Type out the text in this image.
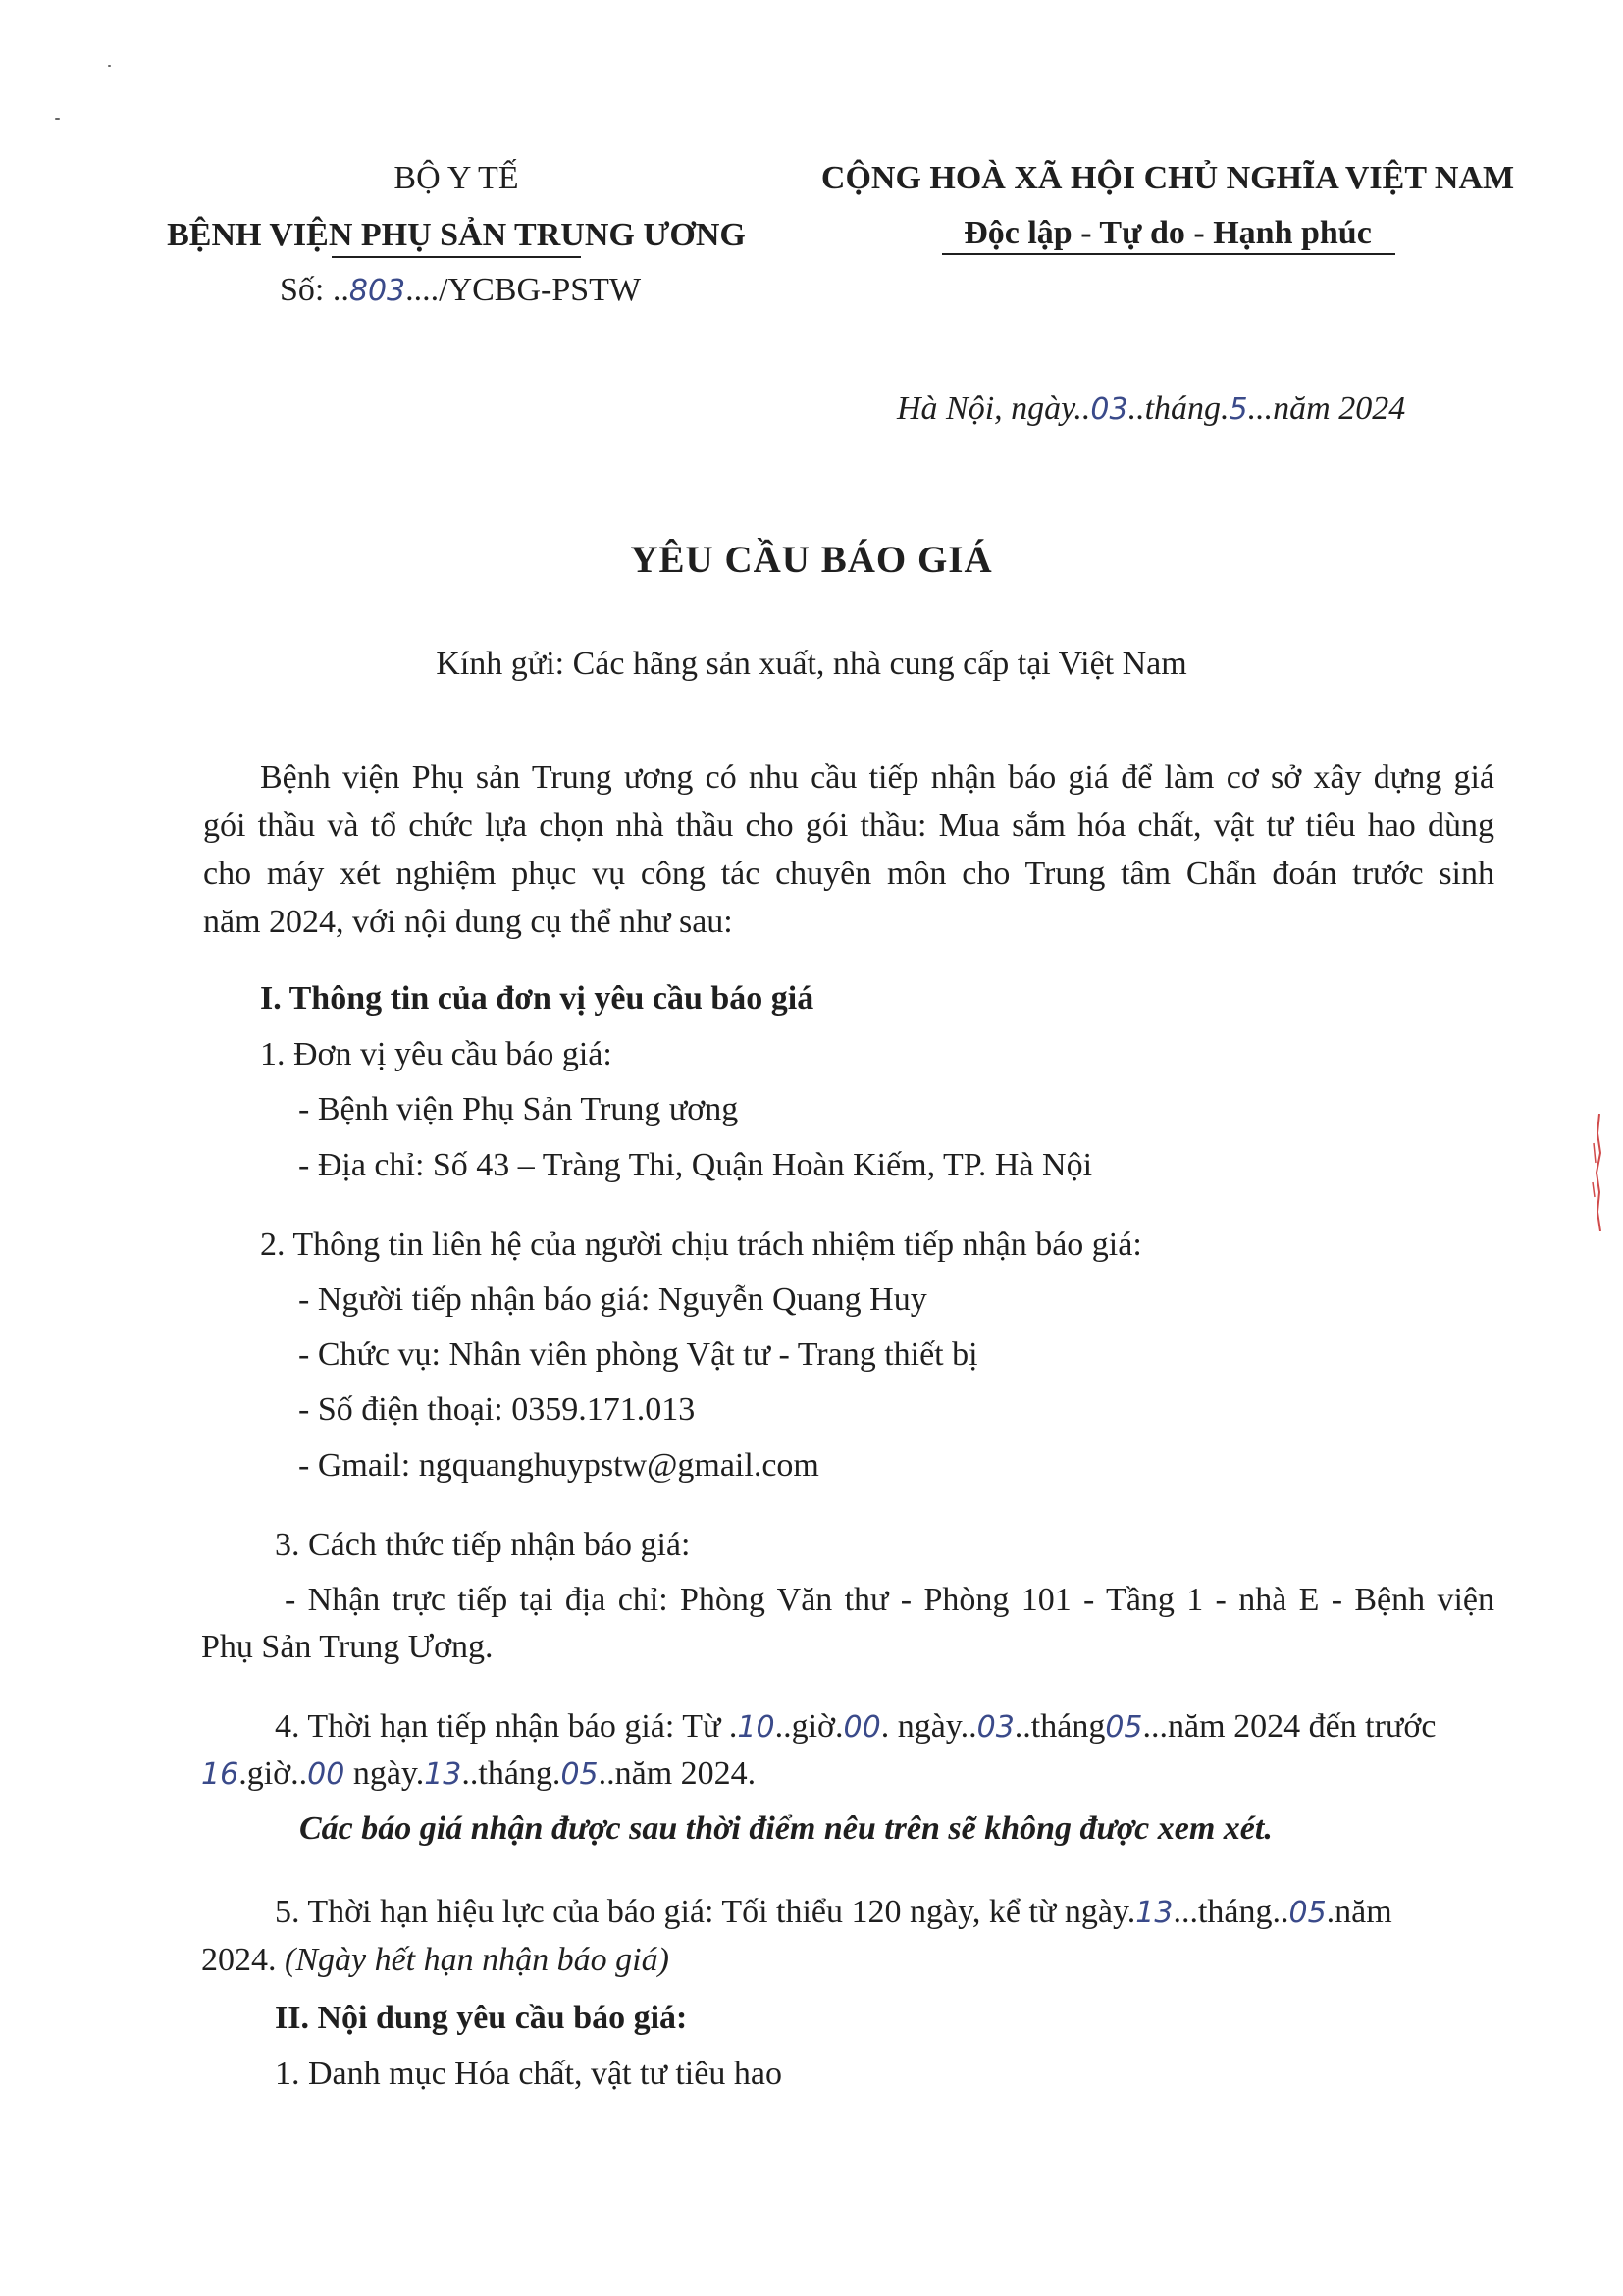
BỘ Y TẾ
BỆNH VIỆN PHỤ SẢN TRUNG ƯƠNG
Số: ..803..../YCBG-PSTW
CỘNG HOÀ XÃ HỘI CHỦ NGHĨA VIỆT NAM
Độc lập - Tự do - Hạnh phúc
Hà Nội, ngày..03..tháng.5...năm 2024
YÊU CẦU BÁO GIÁ
Kính gửi: Các hãng sản xuất, nhà cung cấp tại Việt Nam
Bệnh viện Phụ sản Trung ương có nhu cầu tiếp nhận báo giá để làm cơ sở xây dựng giá
gói thầu và tổ chức lựa chọn nhà thầu cho gói thầu: Mua sắm hóa chất, vật tư tiêu hao dùng
cho máy xét nghiệm phục vụ công tác chuyên môn cho Trung tâm Chẩn đoán trước sinh
năm 2024, với nội dung cụ thể như sau:
I. Thông tin của đơn vị yêu cầu báo giá
1. Đơn vị yêu cầu báo giá:
- Bệnh viện Phụ Sản Trung ương
- Địa chỉ: Số 43 – Tràng Thi, Quận Hoàn Kiếm, TP. Hà Nội
2. Thông tin liên hệ của người chịu trách nhiệm tiếp nhận báo giá:
- Người tiếp nhận báo giá: Nguyễn Quang Huy
- Chức vụ: Nhân viên phòng Vật tư - Trang thiết bị
- Số điện thoại: 0359.171.013
- Gmail: ngquanghuypstw@gmail.com
3. Cách thức tiếp nhận báo giá:
- Nhận trực tiếp tại địa chỉ: Phòng Văn thư - Phòng 101 - Tầng 1 - nhà E - Bệnh viện
Phụ Sản Trung Ương.
4. Thời hạn tiếp nhận báo giá: Từ .10..giờ.00. ngày..03..tháng05...năm 2024 đến trước
16.giờ..00 ngày.13..tháng.05..năm 2024.
Các báo giá nhận được sau thời điểm nêu trên sẽ không được xem xét.
5. Thời hạn hiệu lực của báo giá: Tối thiểu 120 ngày, kể từ ngày.13...tháng..05.năm
2024. (Ngày hết hạn nhận báo giá)
II. Nội dung yêu cầu báo giá:
1. Danh mục Hóa chất, vật tư tiêu hao
